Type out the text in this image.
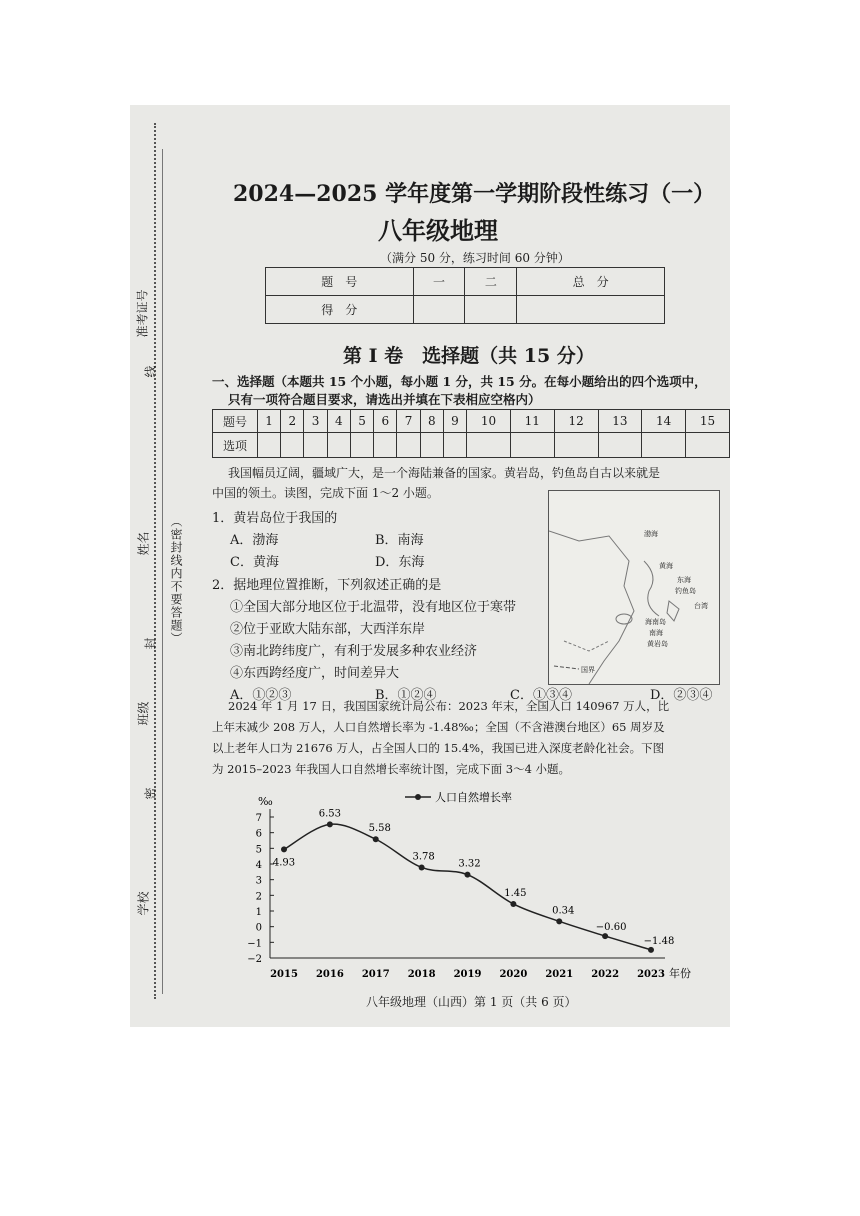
（密封线内不要答题）
密
封
线
学校
班级
姓名
准考证号
2024—2025 学年度第一学期阶段性练习（一）
八年级地理
（满分 50 分，练习时间 60 分钟）
题　号	一	二	总　分
得　分			
第 I 卷　选择题（共 15 分）
一、选择题（本题共 15 个小题，每小题 1 分，共 15 分。在每小题给出的四个选项中，
只有一项符合题目要求，请选出并填在下表相应空格内）
题号	1	2	3	4	5	6	7	8	9	10	11	12	13	14	15
选项															
我国幅员辽阔，疆域广大，是一个海陆兼备的国家。黄岩岛，钓鱼岛自古以来就是
中国的领土。读图，完成下面 1～2 小题。
1．黄岩岛位于我国的
A．渤海	B．南海
C．黄海	D．东海
2．据地理位置推断，下列叙述正确的是
①全国大部分地区位于北温带，没有地区位于寒带
②位于亚欧大陆东部，大西洋东岸
③南北跨纬度广，有利于发展多种农业经济
④东西跨经度广，时间差异大
A．①②③	B．①②④	C．①③④	D．②③④
渤海
黄海
东海
钓鱼岛
台湾
海南岛
南海
黄岩岛
国界
2024 年 1 月 17 日，我国国家统计局公布：2023 年末，全国人口 140967 万人，比
上年末减少 208 万人，人口自然增长率为 -1.48‰；全国（不含港澳台地区）65 周岁及
以上老年人口为 21676 万人，占全国人口的 15.4%，我国已进入深度老龄化社会。下图
为 2015–2023 年我国人口自然增长率统计图，完成下面 3～4 小题。
‰
7
6
5
4
3
2
1
0
−1
−2
2015 2016 2017 2018 2019 2020 2021 2022 2023 年份
人口自然增长率
4.93
6.53
5.58
3.78
3.32
1.45
0.34
−0.60
−1.48
八年级地理（山西）第 1 页（共 6 页）
